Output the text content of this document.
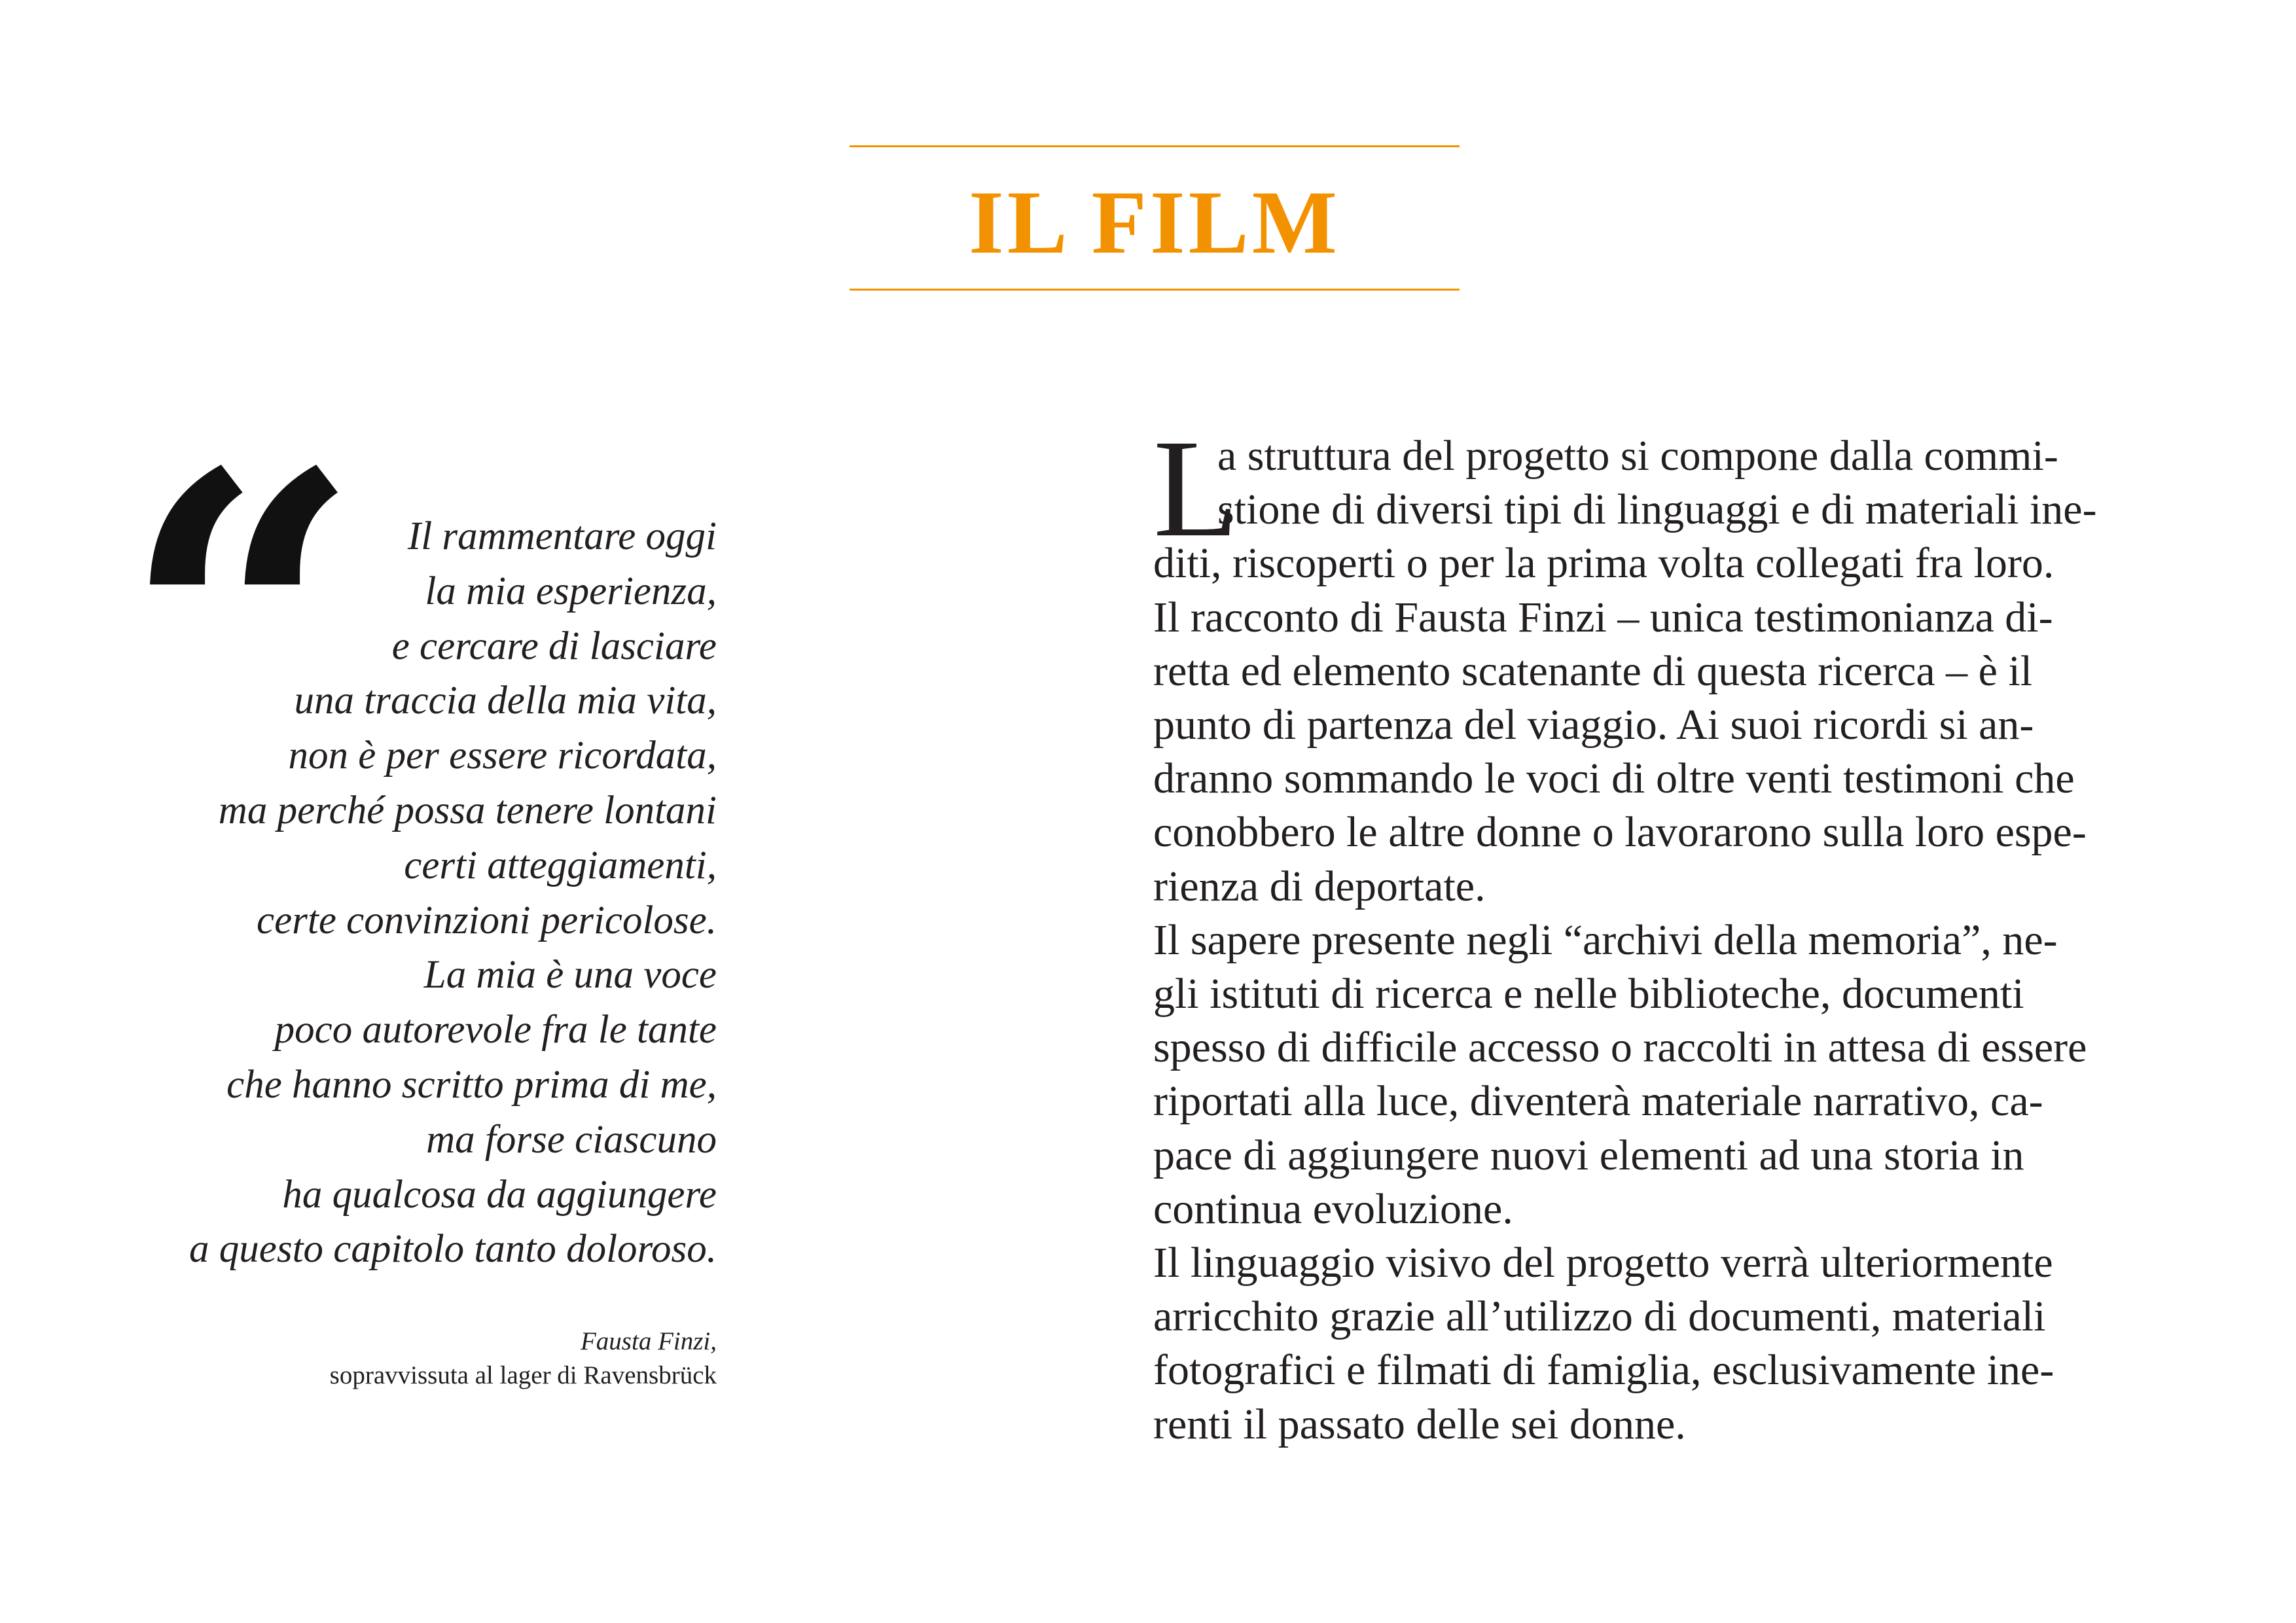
IL FILM
“	Il rammentare oggi
la mia esperienza,
e cercare di lasciare
una traccia della mia vita,
non è per essere ricordata,
ma perché possa tenere lontani
certi atteggiamenti,
certe convinzioni pericolose.
La mia è una voce
poco autorevole fra le tante
che hanno scritto prima di me,
ma forse ciascuno
ha qualcosa da aggiungere
a questo capitolo tanto doloroso.

Fausta Finzi,
sopravvissuta al lager di Ravensbrück
L

a struttura del progetto si compone dalla commi-
stione di diversi tipi di linguaggi e di materiali ine-
diti, riscoperti o per la prima volta collegati fra loro.
Il racconto di Fausta Finzi – unica testimonianza di-
retta ed elemento scatenante di questa ricerca – è il
punto di partenza del viaggio. Ai suoi ricordi si an-
dranno sommando le voci di oltre venti testimoni che
conobbero le altre donne o lavorarono sulla loro espe-
rienza di deportate.
Il sapere presente negli “archivi della memoria”, ne-
gli istituti di ricerca e nelle biblioteche, documenti
spesso di difficile accesso o raccolti in attesa di essere
riportati alla luce, diventerà materiale narrativo, ca-
pace di aggiungere nuovi elementi ad una storia in
continua evoluzione.
Il linguaggio visivo del progetto verrà ulteriormente
arricchito grazie all’utilizzo di documenti, materiali
fotografici e filmati di famiglia, esclusivamente ine-
renti il passato delle sei donne.
